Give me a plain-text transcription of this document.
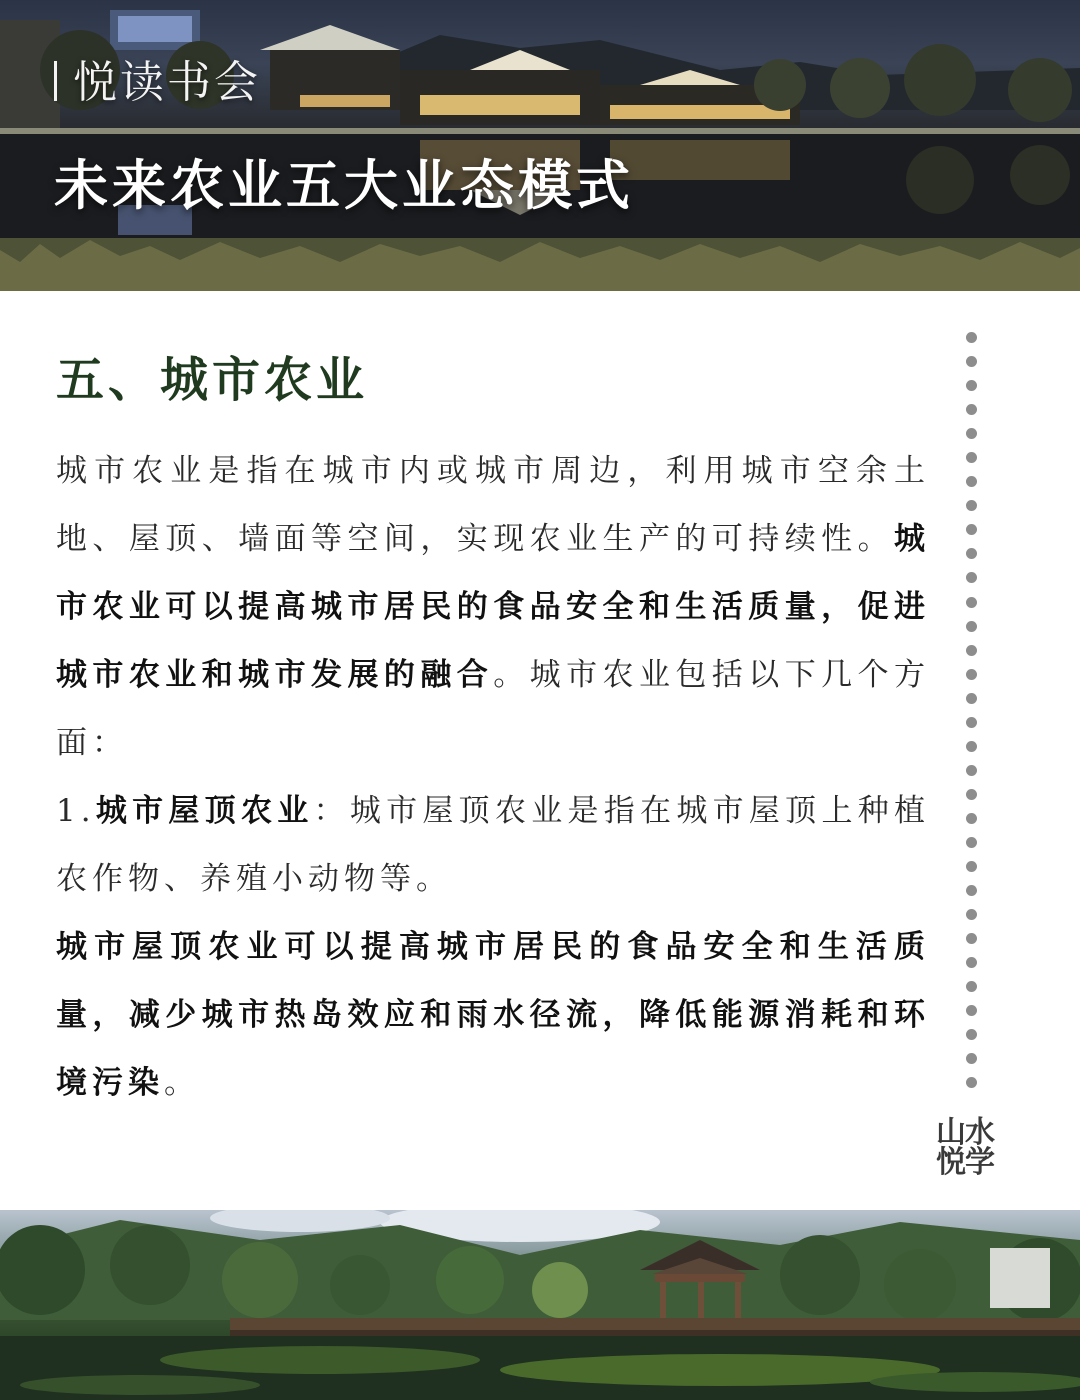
悦读书会
未来农业五大业态模式
五、城市农业

城市农业是指在城市内或城市周边，利用城市空余土地、屋顶、墙面等空间，实现农业生产的可持续性。城市农业可以提高城市居民的食品安全和生活质量，促进城市农业和城市发展的融合。城市农业包括以下几个方面：

1.城市屋顶农业：城市屋顶农业是指在城市屋顶上种植农作物、养殖小动物等。

城市屋顶农业可以提高城市居民的食品安全和生活质量，减少城市热岛效应和雨水径流，降低能源消耗和环境污染。

山水
悦学
